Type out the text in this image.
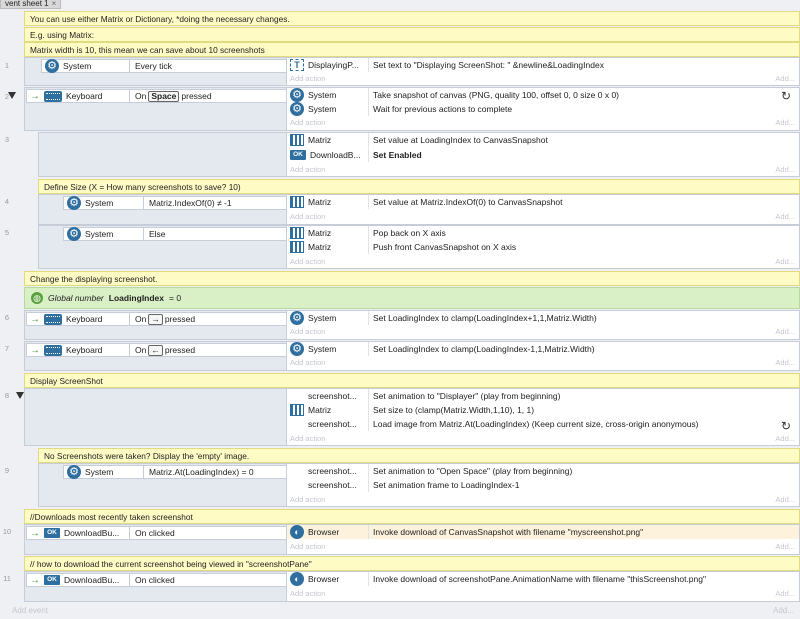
vent sheet 1 ×
You can use either Matrix or Dictionary, *doing the necessary changes.
E.g. using Matrix:
Matrix width is 10, this mean we can save about 10 screenshots
1	⚙ System	Every tick	T DisplayingP...	Set text to "Displaying ScreenShot: " &newline&LoadingIndex
Add action	Add...
2	→	Keyboard	On Space pressed	⚙ System	Take snapshot of canvas (PNG, quality 100, offset 0, 0 size 0 x 0)
⚙ System	Wait for previous actions to complete
Add action	Add...
↻
3	Matriz	Set value at LoadingIndex to CanvasSnapshot
OK DownloadB...	Set Enabled
Add action	Add...
Define Size (X = How many screenshots to save? 10)
4	⚙ System	Matriz.IndexOf(0) ≠ -1	Matriz	Set value at Matriz.IndexOf(0) to CanvasSnapshot
Add action	Add...
5	⚙ System	Else	Matriz	Pop back on X axis
Matriz	Push front CanvasSnapshot on X axis
Add action	Add...
Change the displaying screenshot.
◍ Global number LoadingIndex = 0
6	→	Keyboard	On → pressed	⚙ System	Set LoadingIndex to clamp(LoadingIndex+1,1,Matriz.Width)
Add action	Add...
7	→	Keyboard	On ← pressed	⚙ System	Set LoadingIndex to clamp(LoadingIndex-1,1,Matriz.Width)
Add action	Add...
Display ScreenShot
8	screenshot...	Set animation to "Displayer" (play from beginning)
Matriz	Set size to (clamp(Matriz.Width,1,10), 1, 1)
screenshot...	Load image from Matriz.At(LoadingIndex) (Keep current size, cross-origin anonymous)
Add action	Add...
↻
No Screenshots were taken? Display the 'empty' image.
9	⚙ System	Matriz.At(LoadingIndex) = 0	screenshot...	Set animation to "Open Space" (play from beginning)
screenshot...	Set animation frame to LoadingIndex-1
Add action	Add...
//Downloads most recently taken screenshot
10 →	OK DownloadBu...	On clicked	◐ Browser	Invoke download of CanvasSnapshot with filename "myscreenshot.png"
Add action	Add...
// how to download the current screenshot being viewed in "screenshotPane"
11	→	OK DownloadBu...	On clicked	◐ Browser	Invoke download of screenshotPane.AnimationName with filename "thisScreenshot.png"
Add action	Add...
Add event	Add...
